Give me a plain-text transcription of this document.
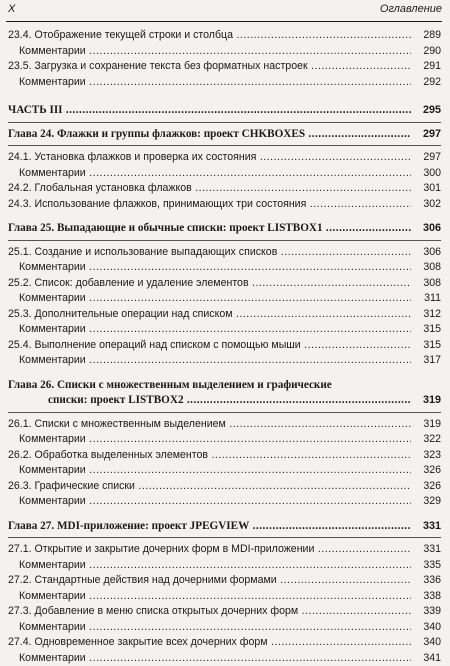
X	Оглавление
23.4. Отображение текущей строки и столбца .....	289
Комментарии .....	290
23.5. Загрузка и сохранение текста без форматных настроек .....	291
Комментарии .....	292
ЧАСТЬ III .....	295
Глава 24. Флажки и группы флажков: проект CHKBOXES .....	297
24.1. Установка флажков и проверка их состояния .....	297
Комментарии .....	300
24.2. Глобальная установка флажков .....	301
24.3. Использование флажков, принимающих три состояния .....	302
Глава 25. Выпадающие и обычные списки: проект LISTBOX1 .....	306
25.1. Создание и использование выпадающих списков .....	306
Комментарии .....	308
25.2. Список: добавление и удаление элементов .....	308
Комментарии .....	311
25.3. Дополнительные операции над списком .....	312
Комментарии .....	315
25.4. Выполнение операций над списком с помощью мыши .....	315
Комментарии .....	317
Глава 26. Списки с множественным выделением и графические
списки: проект LISTBOX2 .....	319
26.1. Списки с множественным выделением .....	319
Комментарии .....	322
26.2. Обработка выделенных элементов .....	323
Комментарии .....	326
26.3. Графические списки .....	326
Комментарии .....	329
Глава 27. MDI-приложение: проект JPEGVIEW .....	331
27.1. Открытие и закрытие дочерних форм в MDI-приложении .....	331
Комментарии .....	335
27.2. Стандартные действия над дочерними формами .....	336
Комментарии .....	338
27.3. Добавление в меню списка открытых дочерних форм .....	339
Комментарии .....	340
27.4. Одновременное закрытие всех дочерних форм .....	340
Комментарии .....	341
